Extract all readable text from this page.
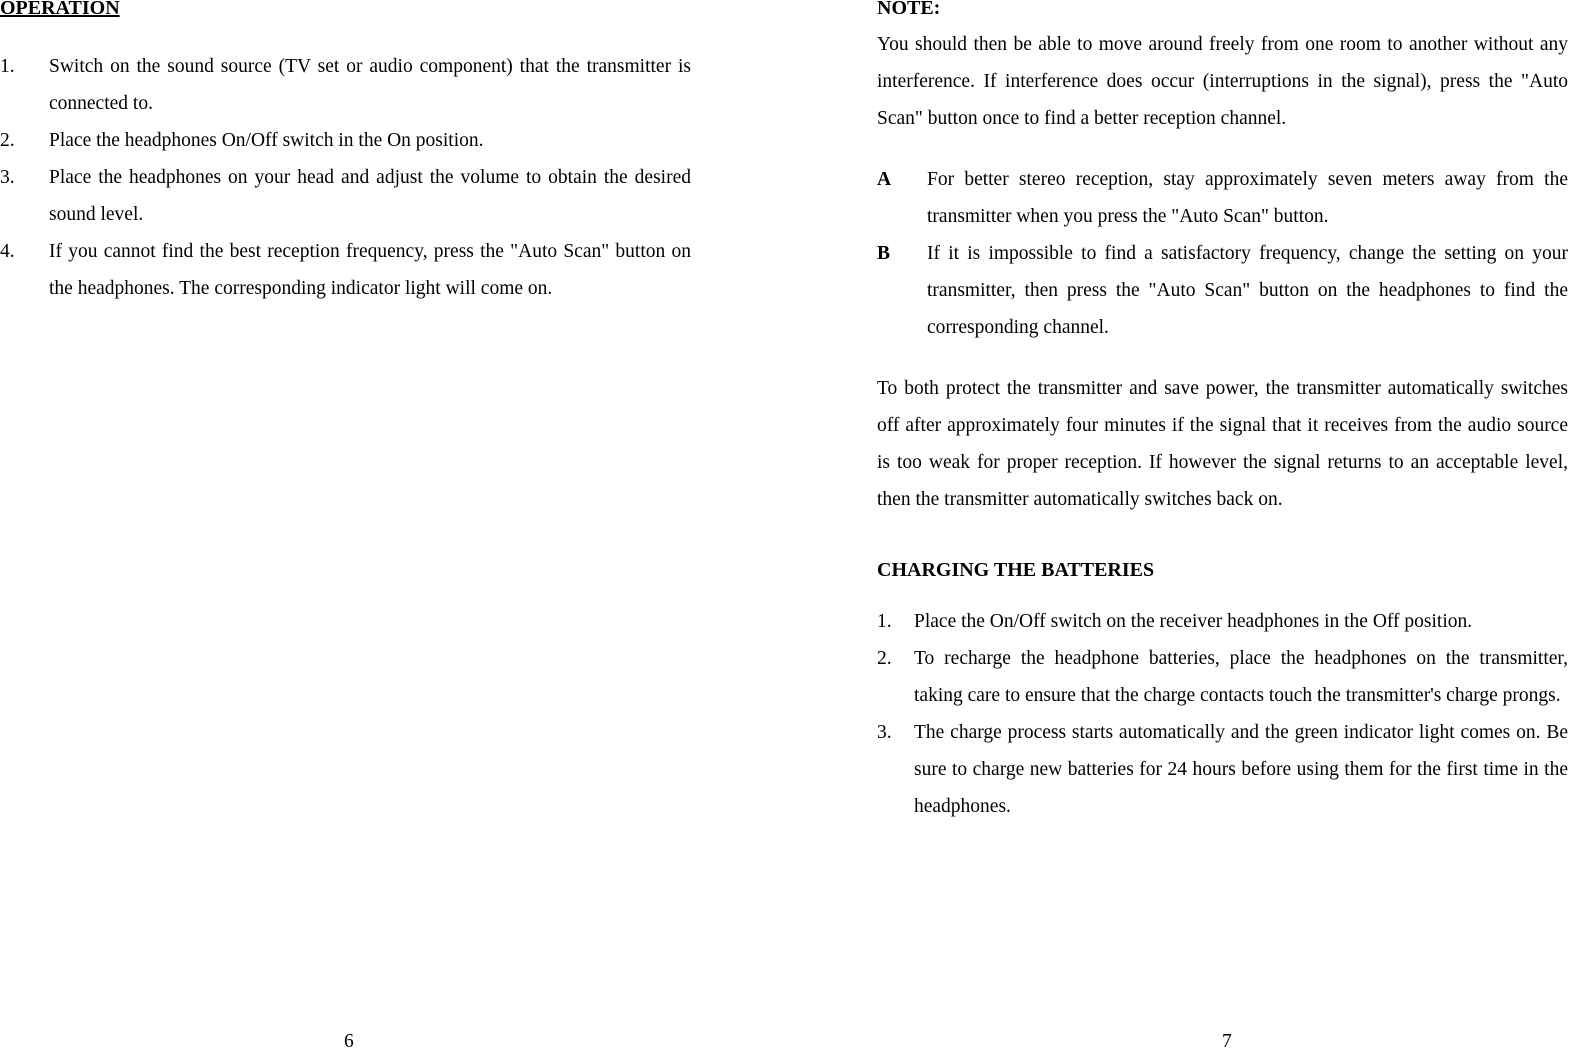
OPERATION
1.	Switch on the sound source (TV set or audio component) that the transmitter is connected to.
2.	Place the headphones On/Off switch in the On position.
3.	Place the headphones on your head and adjust the volume to obtain the desired sound level.
4.	If you cannot find the best reception frequency, press the "Auto Scan" button on the headphones. The corresponding indicator light will come on.
6
NOTE:

You should then be able to move around freely from one room to another without any interference. If interference does occur (interruptions in the signal), press the "Auto Scan" button once to find a better reception channel.

A	For better stereo reception, stay approximately seven meters away from the transmitter when you press the "Auto Scan" button.
B	If it is impossible to find a satisfactory frequency, change the setting on your transmitter, then press the "Auto Scan" button on the headphones to find the corresponding channel.

To both protect the transmitter and save power, the transmitter automatically switches off after approximately four minutes if the signal that it receives from the audio source is too weak for proper reception. If however the signal returns to an acceptable level, then the transmitter automatically switches back on.

CHARGING THE BATTERIES
1.	Place the On/Off switch on the receiver headphones in the Off position.
2.	To recharge the headphone batteries, place the headphones on the transmitter, taking care to ensure that the charge contacts touch the transmitter's charge prongs.
3.	The charge process starts automatically and the green indicator light comes on. Be sure to charge new batteries for 24 hours before using them for the first time in the headphones.
7
